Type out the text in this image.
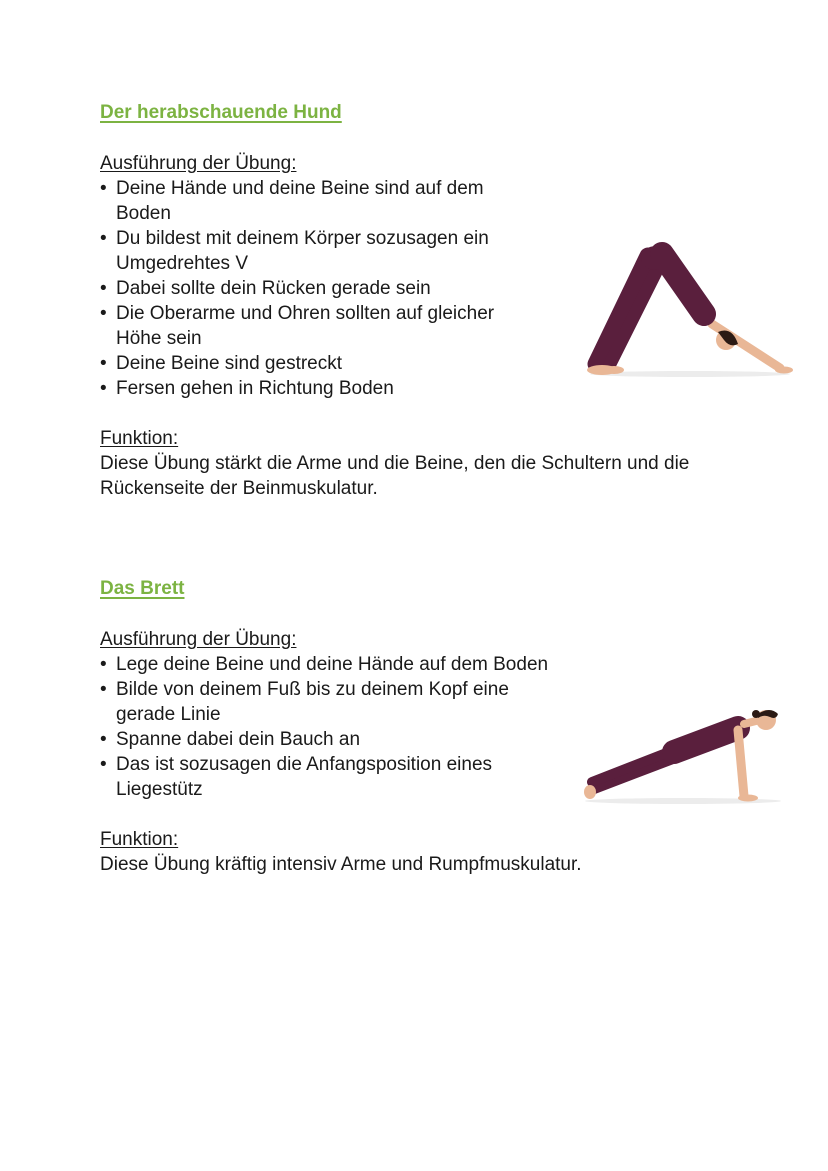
Der herabschauende Hund

Ausführung der Übung:

• Deine Hände und deine Beine sind auf dem Boden
• Du bildest mit deinem Körper sozusagen ein Umgedrehtes V
• Dabei sollte dein Rücken gerade sein
• Die Oberarme und Ohren sollten auf gleicher Höhe sein
• Deine Beine sind gestreckt
• Fersen gehen in Richtung Boden

Funktion:

Diese Übung stärkt die Arme und die Beine, den die Schultern und die Rückenseite der Beinmuskulatur.

Das Brett

Ausführung der Übung:

• Lege deine Beine und deine Hände auf dem Boden
• Bilde von deinem Fuß bis zu deinem Kopf eine gerade Linie
• Spanne dabei dein Bauch an
• Das ist sozusagen die Anfangsposition eines Liegestütz

Funktion:

Diese Übung kräftig intensiv Arme und Rumpfmuskulatur.
